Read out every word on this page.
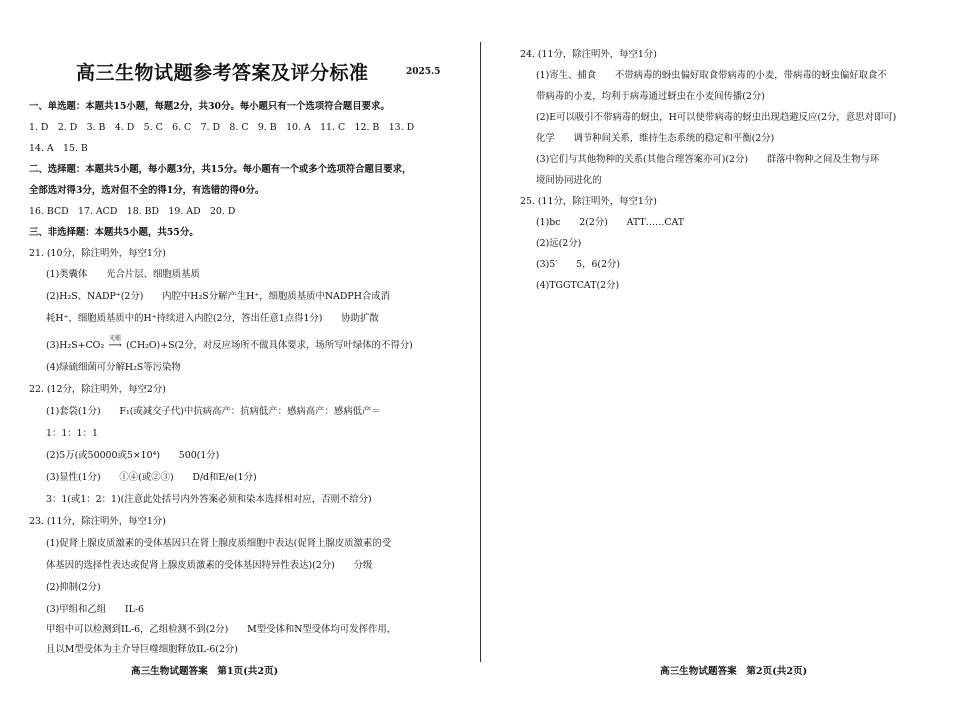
高三生物试题参考答案及评分标准	2025.5
一、单选题：本题共15小题，每题2分，共30分。每小题只有一个选项符合题目要求。
1. D　2. D　3. B　4. D　5. C　6. C　7. D　8. C　9. B　10. A　11. C　12. B　13. D
14. A　15. B
二、选择题：本题共5小题，每小题3分，共15分。每小题有一个或多个选项符合题目要求，
全部选对得3分，选对但不全的得1分，有选错的得0分。
16. BCD　17. ACD　18. BD　19. AD　20. D
三、非选择题：本题共5小题，共55分。
21. (10分，除注明外，每空1分)
(1)类囊体　　光合片层、细胞质基质
(2)H₂S、NADP⁺(2分)　　内腔中H₂S分解产生H⁺，细胞质基质中NADPH合成消
耗H⁺，细胞质基质中的H⁺持续进入内腔(2分，答出任意1点得1分)　　协助扩散
(3)H₂S+CO₂
光能
⟶ (CH₂O)+S(2分，对反应场所不做具体要求，场所写叶绿体的不得分)
(4)绿硫细菌可分解H₂S等污染物
22. (12分，除注明外，每空2分)
(1)套袋(1分)　　F₁(或减交子代)中抗病高产：抗病低产：感病高产：感病低产＝
1：1：1：1
(2)5万(或50000或5×10⁴)　　500(1分)
(3)显性(1分)　　①④(或②③)　　D/d和E/e(1分)
3：1(或1：2：1)(注意此处括号内外答案必须和染本选择相对应，否则不给分)
23. (11分，除注明外，每空1分)
(1)促肾上腺皮质激素的受体基因只在肾上腺皮质细胞中表达(促肾上腺皮质激素的受
体基因的选择性表达或促肾上腺皮质激素的受体基因特异性表达)(2分)　　分级
(2)抑制(2分)
(3)甲组和乙组　　IL-6
甲组中可以检测到IL-6，乙组检测不到(2分)　　M型受体和N型受体均可发挥作用，
且以M型受体为主介导巨噬细胞释放IL-6(2分)
高三生物试题答案　第1页(共2页)
24. (11分，除注明外，每空1分)
(1)寄生、捕食　　不带病毒的蚜虫偏好取食带病毒的小麦，带病毒的蚜虫偏好取食不
带病毒的小麦，均利于病毒通过蚜虫在小麦间传播(2分)
(2)E可以吸引不带病毒的蚜虫，H可以使带病毒的蚜虫出现趋避反应(2分，意思对即可)
化学　　调节种间关系，维持生态系统的稳定和平衡(2分)
(3)它们与其他物种的关系(其他合理答案亦可)(2分)　　群落中物种之间及生物与环
境间协同进化的
25. (11分，除注明外，每空1分)
(1)bc　　2(2分)　　ATT……CAT
(2)远(2分)
(3)5′　　5，6(2分)
(4)TGGTCAT(2分)
高三生物试题答案　第2页(共2页)
